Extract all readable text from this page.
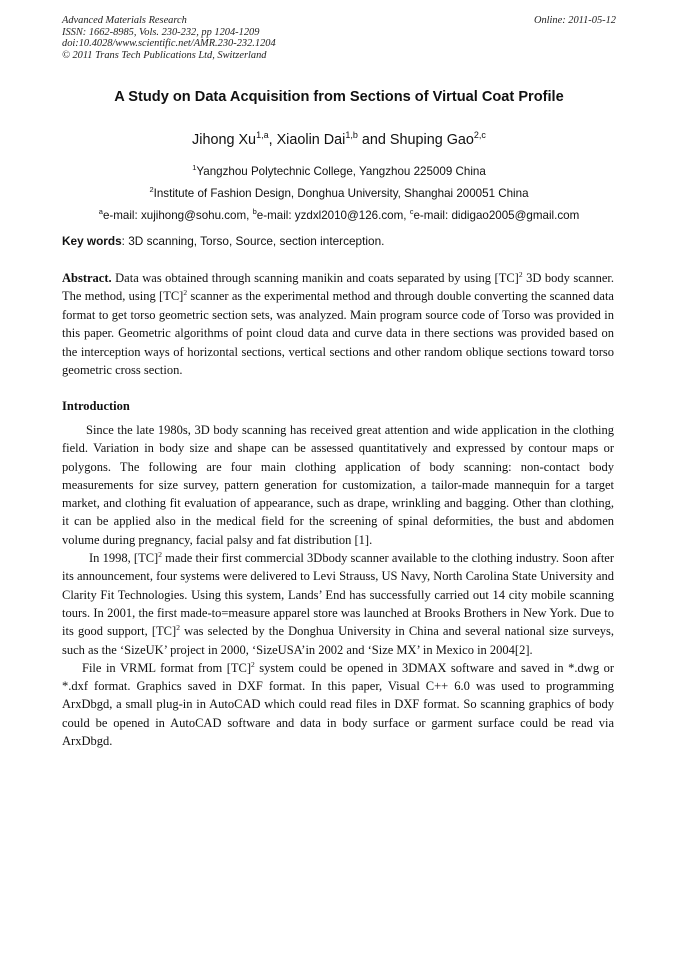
Advanced Materials Research
ISSN: 1662-8985, Vols. 230-232, pp 1204-1209
doi:10.4028/www.scientific.net/AMR.230-232.1204
© 2011 Trans Tech Publications Ltd, Switzerland
Online: 2011-05-12
A Study on Data Acquisition from Sections of Virtual Coat Profile
Jihong Xu$^{1,a}$, Xiaolin Dai$^{1,b}$ and Shuping Gao$^{2,c}$
$^1$Yangzhou Polytechnic College, Yangzhou 225009 China
$^2$Institute of Fashion Design, Donghua University, Shanghai 200051 China
$^a$e-mail: xujihong@sohu.com, $^b$e-mail: yzdxl2010@126.com, $^c$e-mail: didigao2005@gmail.com
Key words: 3D scanning, Torso, Source, section interception.

Abstract. Data was obtained through scanning manikin and coats separated by using [TC]$^2$ 3D body scanner. The method, using [TC]$^2$ scanner as the experimental method and through double converting the scanned data format to get torso geometric section sets, was analyzed. Main program source code of Torso was provided in this paper. Geometric algorithms of point cloud data and curve data in there sections was provided based on the interception ways of horizontal sections, vertical sections and other random oblique sections toward torso geometric cross section.

Introduction

Since the late 1980s, 3D body scanning has received great attention and wide application in the clothing field. Variation in body size and shape can be assessed quantitatively and expressed by contour maps or polygons. The following are four main clothing application of body scanning: non-contact body measurements for size survey, pattern generation for customization, a tailor-made mannequin for a target market, and clothing fit evaluation of appearance, such as drape, wrinkling and bagging. Other than clothing, it can be applied also in the medical field for the screening of spinal deformities, the bust and abdomen volume during pregnancy, facial palsy and fat distribution [1].

In 1998, [TC]$^2$ made their first commercial 3Dbody scanner available to the clothing industry. Soon after its announcement, four systems were delivered to Levi Strauss, US Navy, North Carolina State University and Clarity Fit Technologies. Using this system, Lands’ End has successfully carried out 14 city mobile scanning tours. In 2001, the first made-to=measure apparel store was launched at Brooks Brothers in New York. Due to its good support, [TC]$^2$ was selected by the Donghua University in China and several national size surveys, such as the ‘SizeUK’ project in 2000, ‘SizeUSA’in 2002 and ‘Size MX’ in Mexico in 2004[2].

File in VRML format from [TC]$^2$ system could be opened in 3DMAX software and saved in *.dwg or *.dxf format. Graphics saved in DXF format. In this paper, Visual C++ 6.0 was used to programming ArxDbgd, a small plug-in in AutoCAD which could read files in DXF format. So scanning graphics of body could be opened in AutoCAD software and data in body surface or garment surface could be read via ArxDbgd.
